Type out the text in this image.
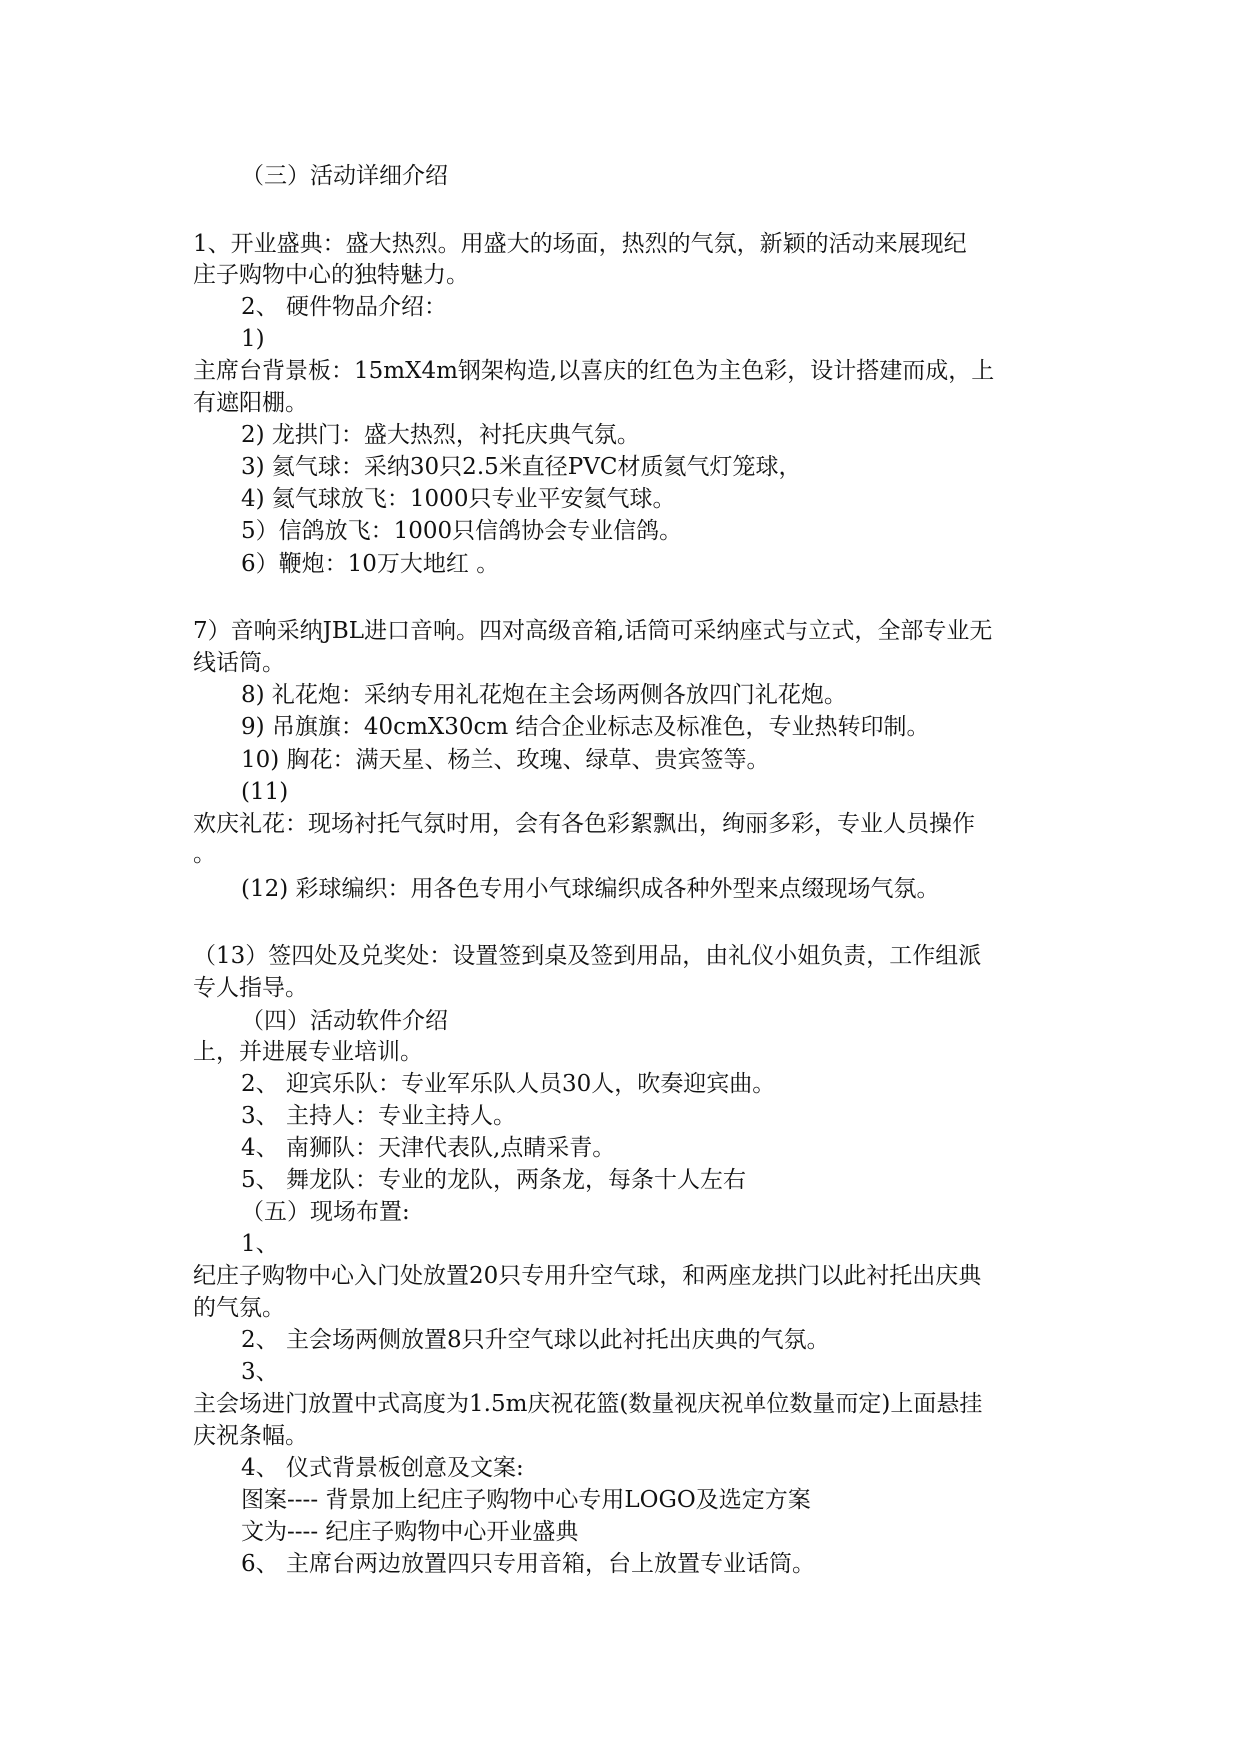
（三）活动详细介绍

1、开业盛典：盛大热烈。用盛大的场面，热烈的气氛，新颖的活动来展现纪

庄子购物中心的独特魅力。

2、 硬件物品介绍：

1)

主席台背景板：15mX4m钢架构造,以喜庆的红色为主色彩，设计搭建而成，上

有遮阳棚。

2) 龙拱门：盛大热烈，衬托庆典气氛。

3) 氦气球：采纳30只2.5米直径PVC材质氦气灯笼球，

4) 氦气球放飞：1000只专业平安氦气球。

5）信鸽放飞：1000只信鸽协会专业信鸽。

6）鞭炮：10万大地红 。

7）音响采纳JBL进口音响。四对高级音箱,话筒可采纳座式与立式，全部专业无

线话筒。

8) 礼花炮：采纳专用礼花炮在主会场两侧各放四门礼花炮。

9) 吊旗旗：40cmX30cm 结合企业标志及标准色，专业热转印制。

10) 胸花：满天星、杨兰、玫瑰、绿草、贵宾签等。

(11)

欢庆礼花：现场衬托气氛时用，会有各色彩絮飘出，绚丽多彩，专业人员操作

。

(12) 彩球编织：用各色专用小气球编织成各种外型来点缀现场气氛。

（13）签四处及兑奖处：设置签到桌及签到用品，由礼仪小姐负责，工作组派

专人指导。

（四）活动软件介绍

上，并进展专业培训。

2、 迎宾乐队：专业军乐队人员30人，吹奏迎宾曲。

3、 主持人：专业主持人。

4、 南狮队：天津代表队,点睛采青。

5、 舞龙队：专业的龙队，两条龙，每条十人左右

（五）现场布置:

1、

纪庄子购物中心入门处放置20只专用升空气球，和两座龙拱门以此衬托出庆典

的气氛。

2、 主会场两侧放置8只升空气球以此衬托出庆典的气氛。

3、

主会场进门放置中式高度为1.5m庆祝花篮(数量视庆祝单位数量而定)上面悬挂

庆祝条幅。

4、 仪式背景板创意及文案:

图案---- 背景加上纪庄子购物中心专用LOGO及选定方案

文为---- 纪庄子购物中心开业盛典

6、 主席台两边放置四只专用音箱，台上放置专业话筒。
